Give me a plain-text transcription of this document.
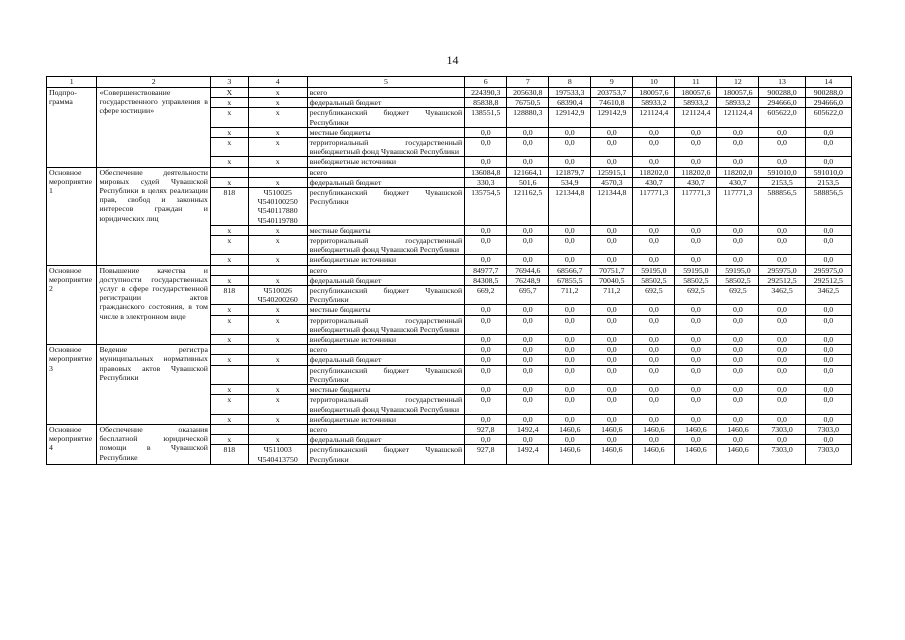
14
1	2	3	4	5	6	7	8	9	10	11	12	13	14
Подпро-
грамма	«Совершенствование государственного управления в сфере юстиции»	Х	х	всего	224390,3	205630,8	197533,3	203753,7	180057,6	180057,6	180057,6	900288,0	900288,0
		х	х	федеральный бюджет	85838,8	76750,5	68390,4	74610,8	58933,2	58933,2	58933,2	294666,0	294666,0
		х	х	республиканский бюджет Чувашской Республики	138551,5	128880,3	129142,9	129142,9	121124,4	121124,4	121124,4	605622,0	605622,0
		х	х	местные бюджеты	0,0	0,0	0,0	0,0	0,0	0,0	0,0	0,0	0,0
		х	х	территориальный государственный внебюджетный фонд Чувашской Республики	0,0	0,0	0,0	0,0	0,0	0,0	0,0	0,0	0,0
		х	х	внебюджетные источники	0,0	0,0	0,0	0,0	0,0	0,0	0,0	0,0	0,0
Основное мероприятие 1	Обеспечение деятельности мировых судей Чувашской Республики в целях реализации прав, свобод и законных интересов граждан и юридических лиц			всего	136084,8	121664,1	121879,7	125915,1	118202,0	118202,0	118202,0	591010,0	591010,0
		х	х	федеральный бюджет	330,3	501,6	534,9	4570,3	430,7	430,7	430,7	2153,5	2153,5
		818	Ч510025
Ч540100250
Ч540117880
Ч540119780	республиканский бюджет Чувашской Республики	135754,5	121162,5	121344,8	121344,8	117771,3	117771,3	117771,3	588856,5	588856,5
		х	х	местные бюджеты	0,0	0,0	0,0	0,0	0,0	0,0	0,0	0,0	0,0
		х	х	территориальный государственный внебюджетный фонд Чувашской Республики	0,0	0,0	0,0	0,0	0,0	0,0	0,0	0,0	0,0
		х	х	внебюджетные источники	0,0	0,0	0,0	0,0	0,0	0,0	0,0	0,0	0,0
Основное мероприятие 2	Повышение качества и доступности государственных услуг в сфере государственной регистрации актов гражданского состояния, в том числе в электронном виде			всего	84977,7	76944,6	68566,7	70751,7	59195,0	59195,0	59195,0	295975,0	295975,0
		х	х	федеральный бюджет	84308,5	76248,9	67855,5	70040,5	58502,5	58502,5	58502,5	292512,5	292512,5
		818	Ч510026
Ч540200260	республиканский бюджет Чувашской Республики	669,2	695,7	711,2	711,2	692,5	692,5	692,5	3462,5	3462,5
		х	х	местные бюджеты	0,0	0,0	0,0	0,0	0,0	0,0	0,0	0,0	0,0
		х	х	территориальный государственный внебюджетный фонд Чувашской Республики	0,0	0,0	0,0	0,0	0,0	0,0	0,0	0,0	0,0
		х	х	внебюджетные источники	0,0	0,0	0,0	0,0	0,0	0,0	0,0	0,0	0,0
Основное мероприятие 3	Ведение регистра муниципальных нормативных правовых актов Чувашской Республики			всего	0,0	0,0	0,0	0,0	0,0	0,0	0,0	0,0	0,0
		х	х	федеральный бюджет	0,0	0,0	0,0	0,0	0,0	0,0	0,0	0,0	0,0
				республиканский бюджет Чувашской Республики	0,0	0,0	0,0	0,0	0,0	0,0	0,0	0,0	0,0
		х	х	местные бюджеты	0,0	0,0	0,0	0,0	0,0	0,0	0,0	0,0	0,0
		х	х	территориальный государственный внебюджетный фонд Чувашской Республики	0,0	0,0	0,0	0,0	0,0	0,0	0,0	0,0	0,0
		х	х	внебюджетные источники	0,0	0,0	0,0	0,0	0,0	0,0	0,0	0,0	0,0
Основное мероприятие 4	Обеспечение оказания бесплатной юридической помощи в Чувашской Республике			всего	927,8	1492,4	1460,6	1460,6	1460,6	1460,6	1460,6	7303,0	7303,0
		х	х	федеральный бюджет	0,0	0,0	0,0	0,0	0,0	0,0	0,0	0,0	0,0
		818	Ч511003
Ч540413750	республиканский бюджет Чувашской Республики	927,8	1492,4	1460,6	1460,6	1460,6	1460,6	1460,6	7303,0	7303,0
